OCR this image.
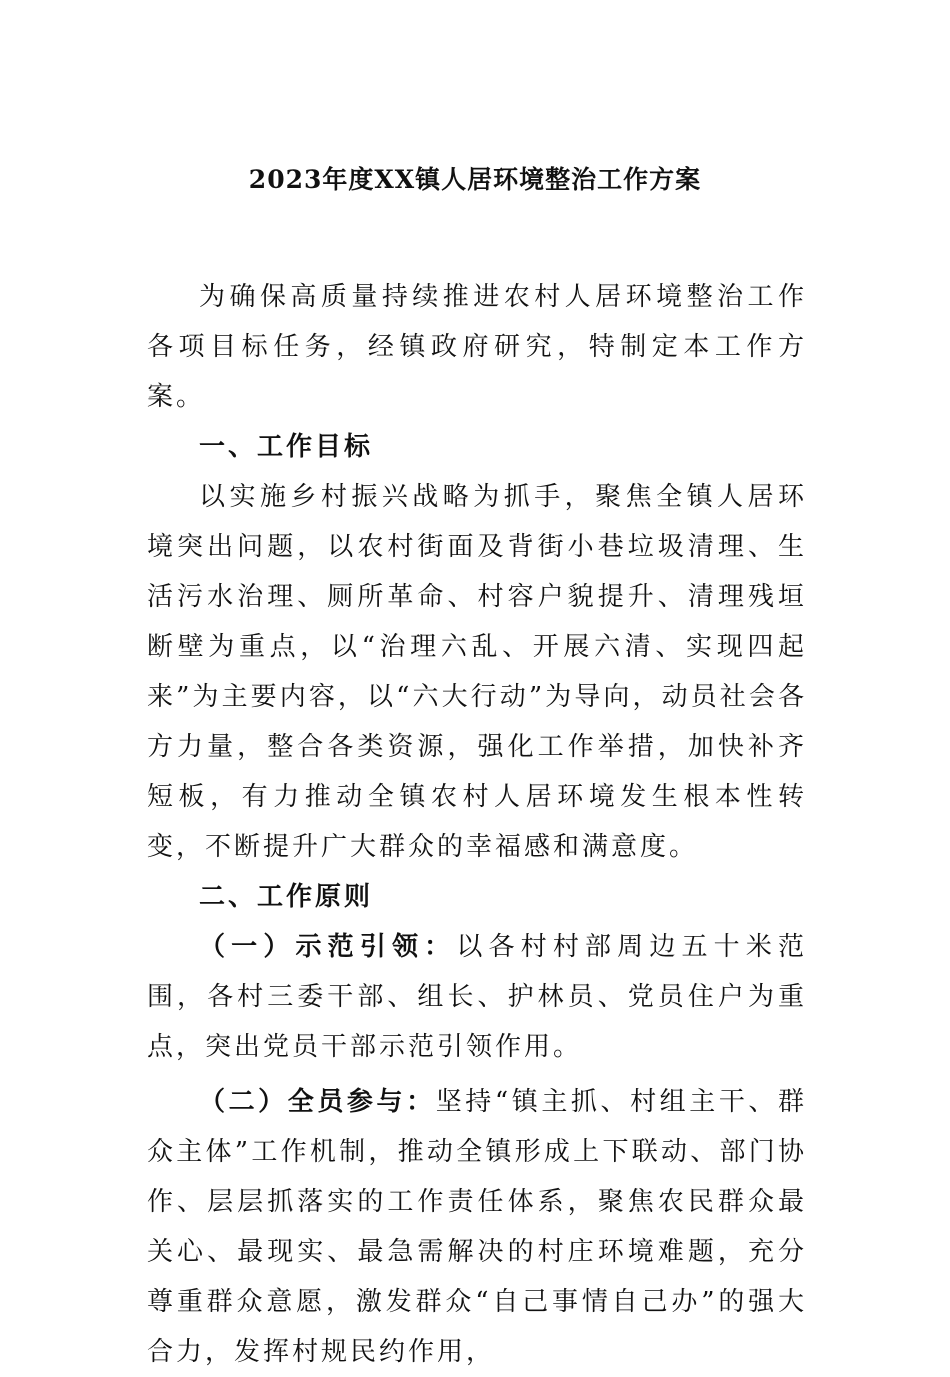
2023年度XX镇人居环境整治工作方案

为确保高质量持续推进农村人居环境整治工作各项目标任务，经镇政府研究，特制定本工作方案。

一、工作目标

以实施乡村振兴战略为抓手，聚焦全镇人居环境突出问题，以农村街面及背街小巷垃圾清理、生活污水治理、厕所革命、村容户貌提升、清理残垣断壁为重点，以“治理六乱、开展六清、实现四起来”为主要内容，以“六大行动”为导向，动员社会各方力量，整合各类资源，强化工作举措，加快补齐短板，有力推动全镇农村人居环境发生根本性转变，不断提升广大群众的幸福感和满意度。

二、工作原则

（一）示范引领：以各村村部周边五十米范围，各村三委干部、组长、护林员、党员住户为重点，突出党员干部示范引领作用。

（二）全员参与：坚持“镇主抓、村组主干、群众主体”工作机制，推动全镇形成上下联动、部门协作、层层抓落实的工作责任体系，聚焦农民群众最关心、最现实、最急需解决的村庄环境难题，充分尊重群众意愿，激发群众“自己事情自己办”的强大合力，发挥村规民约作用，
